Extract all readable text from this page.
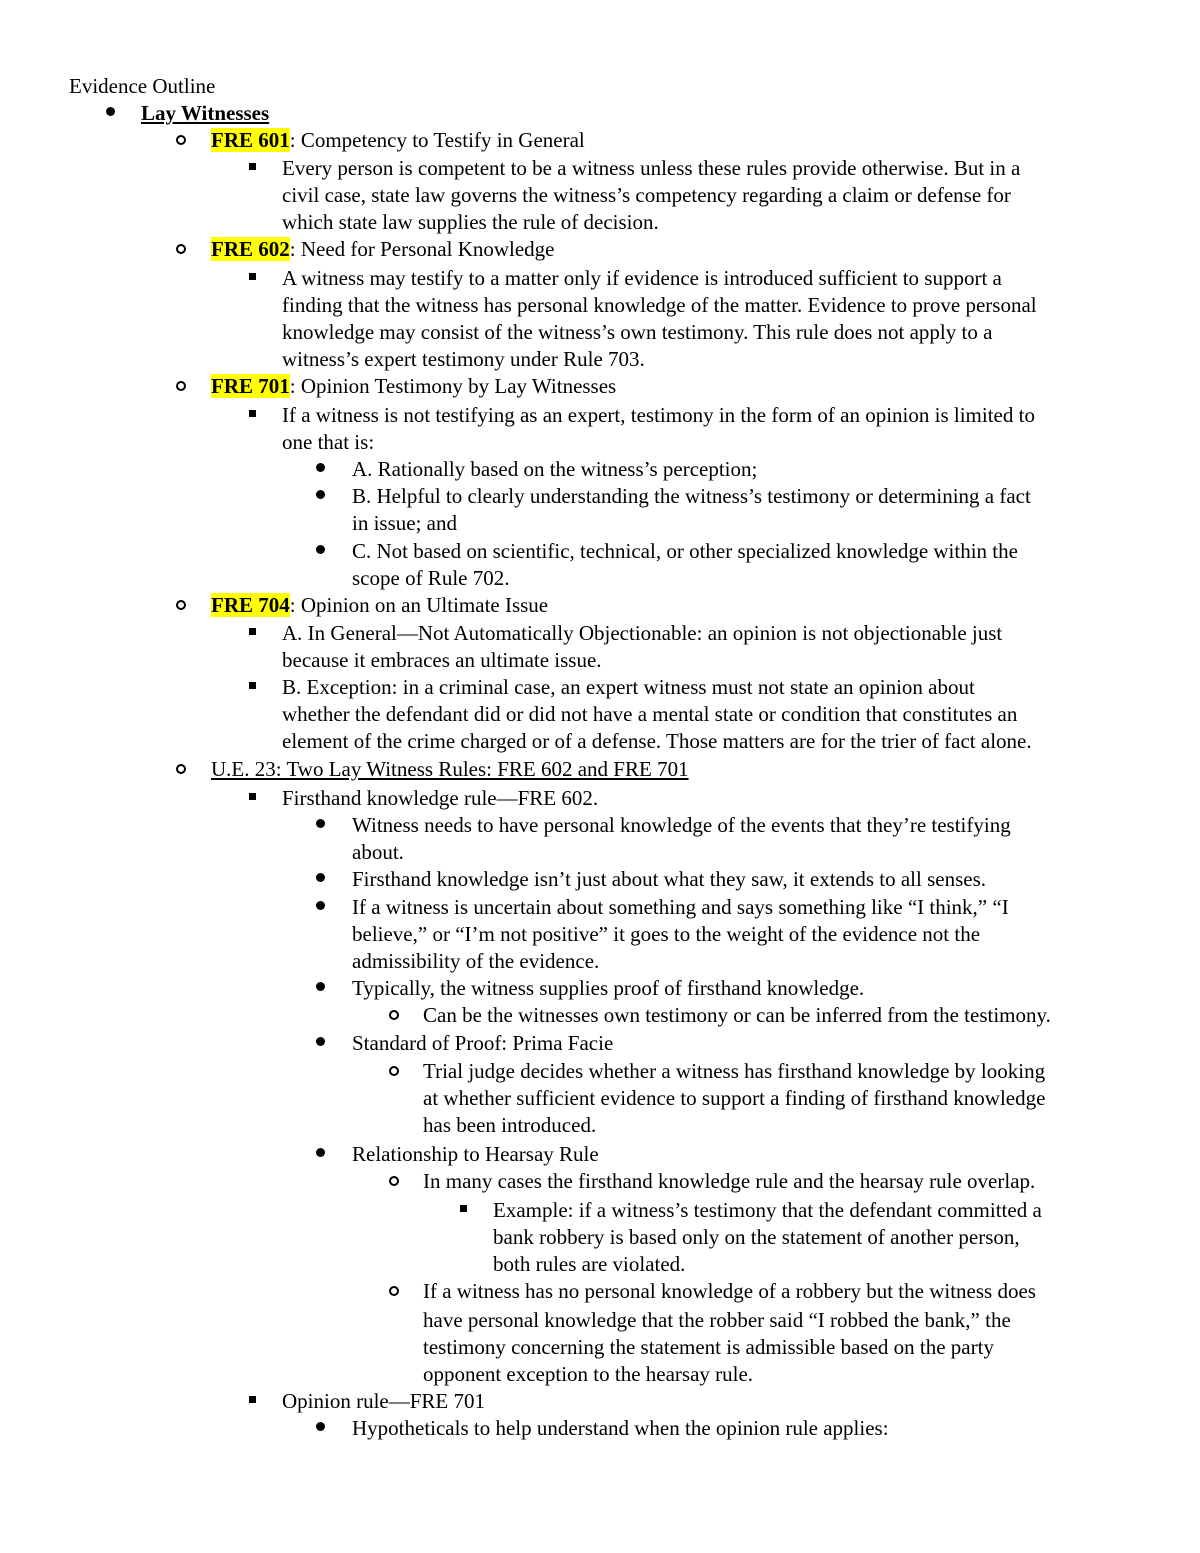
Evidence Outline
Lay Witnesses
FRE 601: Competency to Testify in General
Every person is competent to be a witness unless these rules provide otherwise. But in a
civil case, state law governs the witness’s competency regarding a claim or defense for
which state law supplies the rule of decision.
FRE 602: Need for Personal Knowledge
A witness may testify to a matter only if evidence is introduced sufficient to support a
finding that the witness has personal knowledge of the matter. Evidence to prove personal
knowledge may consist of the witness’s own testimony. This rule does not apply to a
witness’s expert testimony under Rule 703.
FRE 701: Opinion Testimony by Lay Witnesses
If a witness is not testifying as an expert, testimony in the form of an opinion is limited to
one that is:
A. Rationally based on the witness’s perception;
B. Helpful to clearly understanding the witness’s testimony or determining a fact
in issue; and
C. Not based on scientific, technical, or other specialized knowledge within the
scope of Rule 702.
FRE 704: Opinion on an Ultimate Issue
A. In General—Not Automatically Objectionable: an opinion is not objectionable just
because it embraces an ultimate issue.
B. Exception: in a criminal case, an expert witness must not state an opinion about
whether the defendant did or did not have a mental state or condition that constitutes an
element of the crime charged or of a defense. Those matters are for the trier of fact alone.
U.E. 23: Two Lay Witness Rules: FRE 602 and FRE 701
Firsthand knowledge rule—FRE 602.
Witness needs to have personal knowledge of the events that they’re testifying
about.
Firsthand knowledge isn’t just about what they saw, it extends to all senses.
If a witness is uncertain about something and says something like “I think,” “I
believe,” or “I’m not positive” it goes to the weight of the evidence not the
admissibility of the evidence.
Typically, the witness supplies proof of firsthand knowledge.
Can be the witnesses own testimony or can be inferred from the testimony.
Standard of Proof: Prima Facie
Trial judge decides whether a witness has firsthand knowledge by looking
at whether sufficient evidence to support a finding of firsthand knowledge
has been introduced.
Relationship to Hearsay Rule
In many cases the firsthand knowledge rule and the hearsay rule overlap.
Example: if a witness’s testimony that the defendant committed a
bank robbery is based only on the statement of another person,
both rules are violated.
If a witness has no personal knowledge of a robbery but the witness does
have personal knowledge that the robber said “I robbed the bank,” the
testimony concerning the statement is admissible based on the party
opponent exception to the hearsay rule.
Opinion rule—FRE 701
Hypotheticals to help understand when the opinion rule applies:
